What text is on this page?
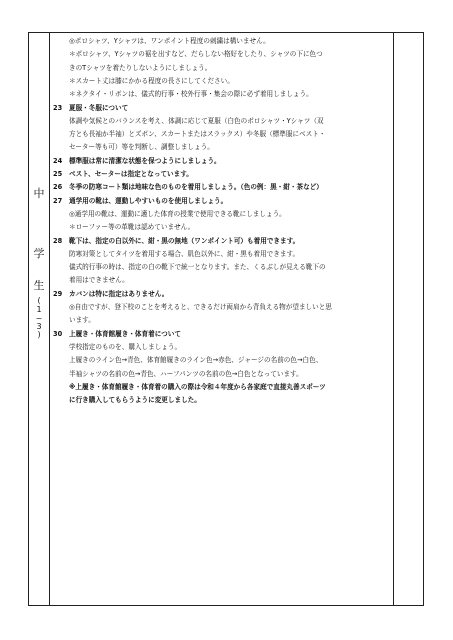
中
学
生
(
1
~
3
)
◎ポロシャツ、Yシャツは、ワンポイント程度の刺繍は構いません。
＊ポロシャツ、Yシャツの裾を出すなど、だらしない格好をしたり、シャツの下に色つ
きのTシャツを着たりしないようにしましょう。
＊スカート丈は膝にかかる程度の長さにしてください。
＊ネクタイ・リボンは、儀式的行事・校外行事・集会の際に必ず着用しましょう。
23	夏服・冬服について
体調や気候とのバランスを考え、体調に応じて夏服（白色のポロシャツ・Yシャツ（双
方とも長袖か半袖）とズボン、スカートまたはスラックス）や冬服（標準服にベスト・
セーター等も可）等を判断し、調整しましょう。
24	標準服は常に清潔な状態を保つようにしましょう。
25	ベスト、セーターは指定となっています。
26	冬季の防寒コート類は地味な色のものを着用しましょう。（色の例：黒・紺・茶など）
27	通学用の靴は、運動しやすいものを使用しましょう。
◎通学用の靴は、運動に適した体育の授業で使用できる靴にしましょう。
＊ローファー等の革靴は認めていません。
28	靴下は、指定の白以外に、紺・黒の無地（ワンポイント可）も着用できます。
防寒対策としてタイツを着用する場合、肌色以外に、紺・黒も着用できます。
儀式的行事の時は、指定の白の靴下で統一となります。また、くるぶしが見える靴下の
着用はできません。
29	カバンは特に指定はありません。
◎自由ですが、登下校のことを考えると、できるだけ両肩から背負える物が望ましいと思
います。
30	上履き・体育館履き・体育着について
学校指定のものを、購入しましょう。
上履きのライン色→青色、体育館履きのライン色→赤色、ジャージの名前の色→白色、
半袖シャツの名前の色→青色、ハーフパンツの名前の色→白色となっています。
※上履き・体育館履き・体育着の購入の際は令和４年度から各家庭で直接丸善スポーツ
に行き購入してもらうように変更しました。
